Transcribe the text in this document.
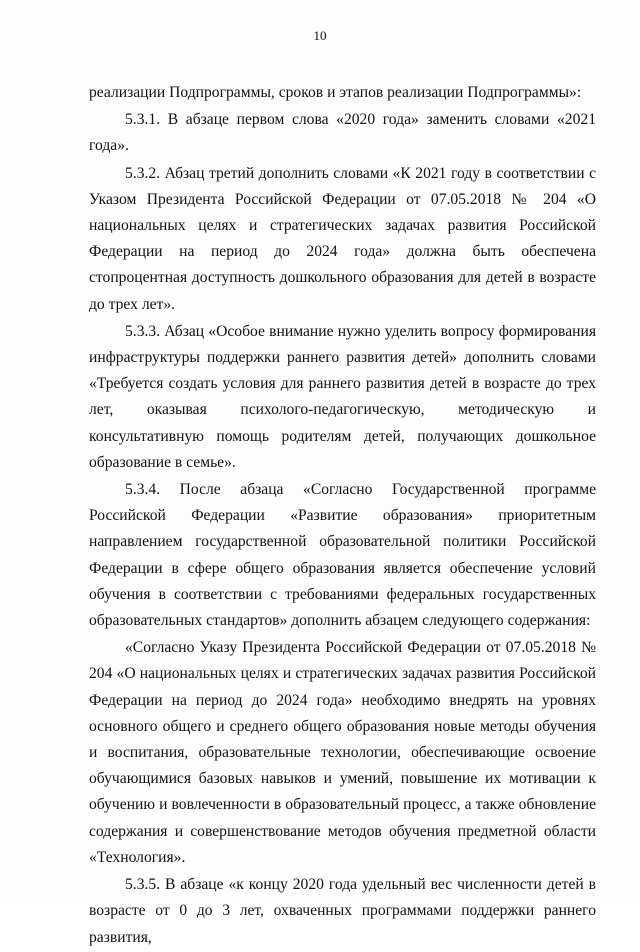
10

реализации Подпрограммы, сроков и этапов реализации Подпрограммы»:

5.3.1. В абзаце первом слова «2020 года» заменить словами «2021 года».

5.3.2. Абзац третий дополнить словами «К 2021 году в соответствии с Указом Президента Российской Федерации от 07.05.2018 № 204 «О национальных целях и стратегических задачах развития Российской Федерации на период до 2024 года» должна быть обеспечена стопроцентная доступность дошкольного образования для детей в возрасте до трех лет».

5.3.3. Абзац «Особое внимание нужно уделить вопросу формирования инфраструктуры поддержки раннего развития детей» дополнить словами «Требуется создать условия для раннего развития детей в возрасте до трех лет, оказывая психолого-педагогическую, методическую и консультативную помощь родителям детей, получающих дошкольное образование в семье».

5.3.4. После абзаца «Согласно Государственной программе Российской Федерации «Развитие образования» приоритетным направлением государственной образовательной политики Российской Федерации в сфере общего образования является обеспечение условий обучения в соответствии с требованиями федеральных государственных образовательных стандартов» дополнить абзацем следующего содержания:

«Согласно Указу Президента Российской Федерации от 07.05.2018 № 204 «О национальных целях и стратегических задачах развития Российской Федерации на период до 2024 года» необходимо внедрять на уровнях основного общего и среднего общего образования новые методы обучения и воспитания, образовательные технологии, обеспечивающие освоение обучающимися базовых навыков и умений, повышение их мотивации к обучению и вовлеченности в образовательный процесс, а также обновление содержания и совершенствование методов обучения предметной области «Технология».

5.3.5. В абзаце «к концу 2020 года удельный вес численности детей в возрасте от 0 до 3 лет, охваченных программами поддержки раннего развития,
